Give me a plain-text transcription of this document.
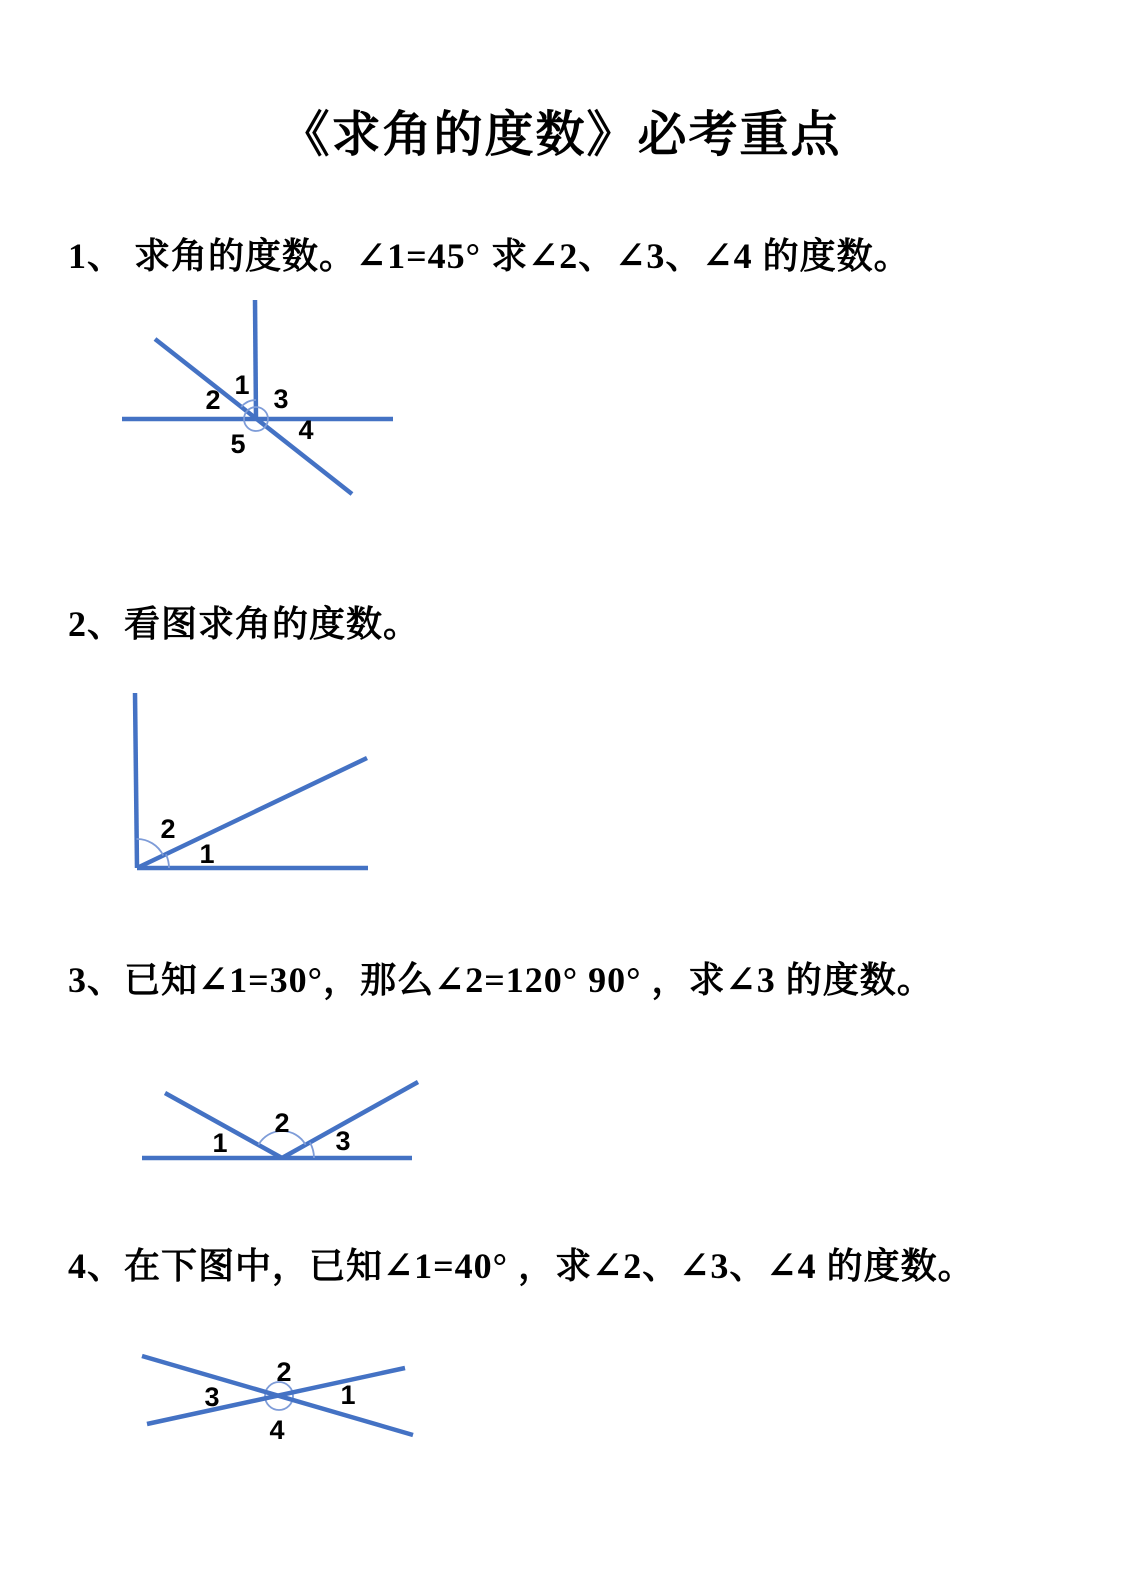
《求角的度数》必考重点
1、 求角的度数。∠1=45° 求∠2、∠3、∠4 的度数。
1
2 3
4
5
2、看图求角的度数。
2
1
3、已知∠1=30°，那么∠2=120° 90° ，求∠3 的度数。
1
2
3
4、在下图中，已知∠1=40° ，求∠2、∠3、∠4 的度数。
1
2
3
4
